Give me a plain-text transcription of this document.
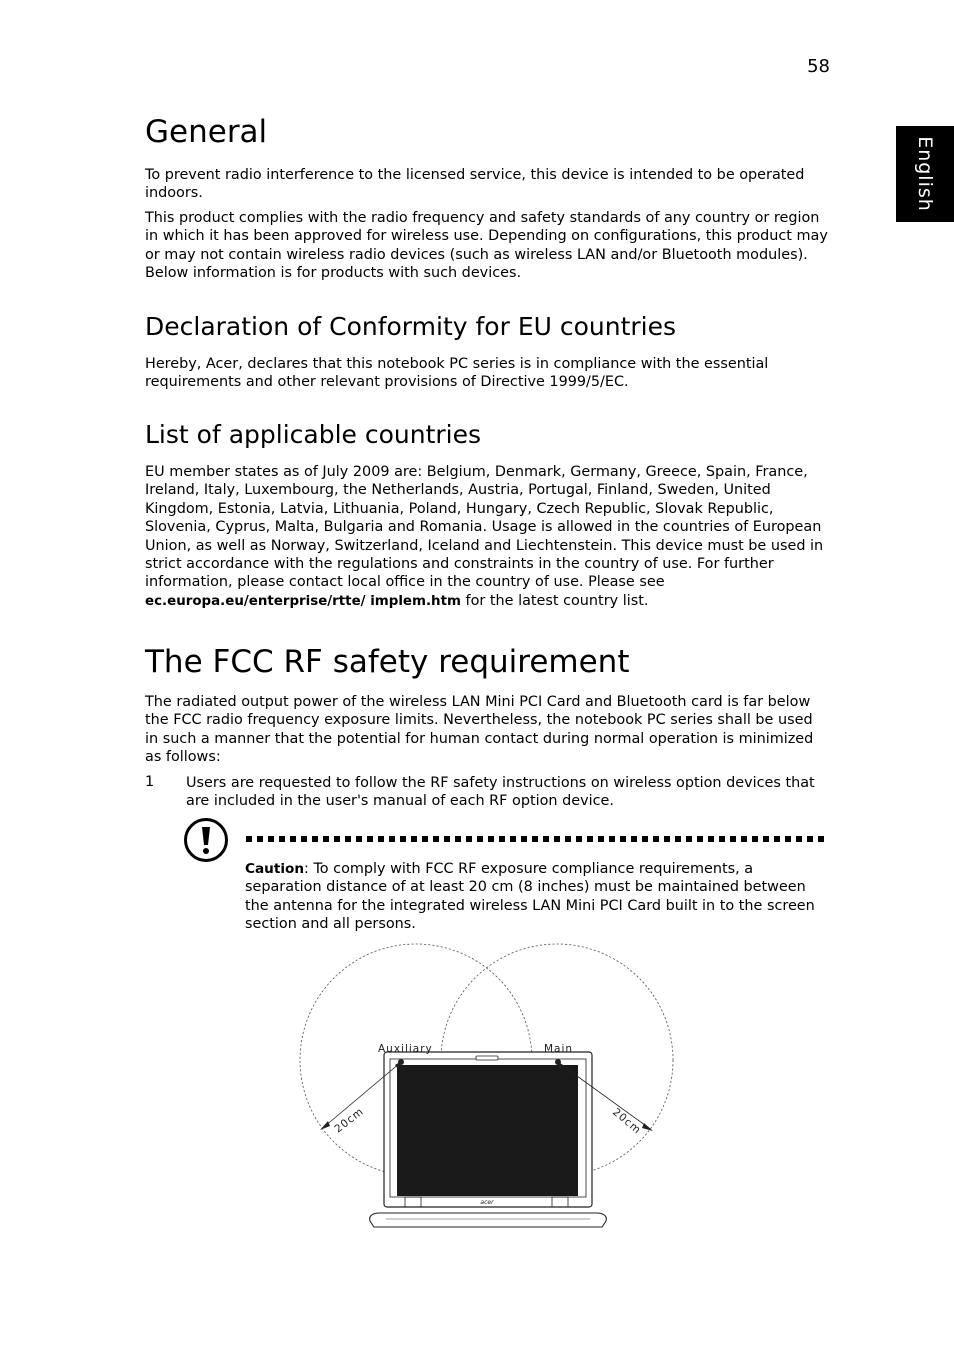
58
English
General

To prevent radio interference to the licensed service, this device is intended to be operated indoors.

This product complies with the radio frequency and safety standards of any country or region in which it has been approved for wireless use. Depending on configurations, this product may or may not contain wireless radio devices (such as wireless LAN and/or Bluetooth modules). Below information is for products with such devices.

Declaration of Conformity for EU countries

Hereby, Acer, declares that this notebook PC series is in compliance with the essential requirements and other relevant provisions of Directive 1999/5/EC.

List of applicable countries

EU member states as of July 2009 are: Belgium, Denmark, Germany, Greece, Spain, France, Ireland, Italy, Luxembourg, the Netherlands, Austria, Portugal, Finland, Sweden, United Kingdom, Estonia, Latvia, Lithuania, Poland, Hungary, Czech Republic, Slovak Republic, Slovenia, Cyprus, Malta, Bulgaria and Romania. Usage is allowed in the countries of European Union, as well as Norway, Switzerland, Iceland and Liechtenstein. This device must be used in strict accordance with the regulations and constraints in the country of use. For further information, please contact local office in the country of use. Please see
ec.europa.eu/enterprise/rtte/ implem.htm for the latest country list.

The FCC RF safety requirement

The radiated output power of the wireless LAN Mini PCI Card and Bluetooth card is far below the FCC radio frequency exposure limits. Nevertheless, the notebook PC series shall be used in such a manner that the potential for human contact during normal operation is minimized as follows:

1 Users are requested to follow the RF safety instructions on wireless option devices that are included in the user's manual of each RF option device.
Caution: To comply with FCC RF exposure compliance requirements, a separation distance of at least 20 cm (8 inches) must be maintained between the antenna for the integrated wireless LAN Mini PCI Card built in to the screen section and all persons.
acer
Auxiliary	Main
20cm	20cm
